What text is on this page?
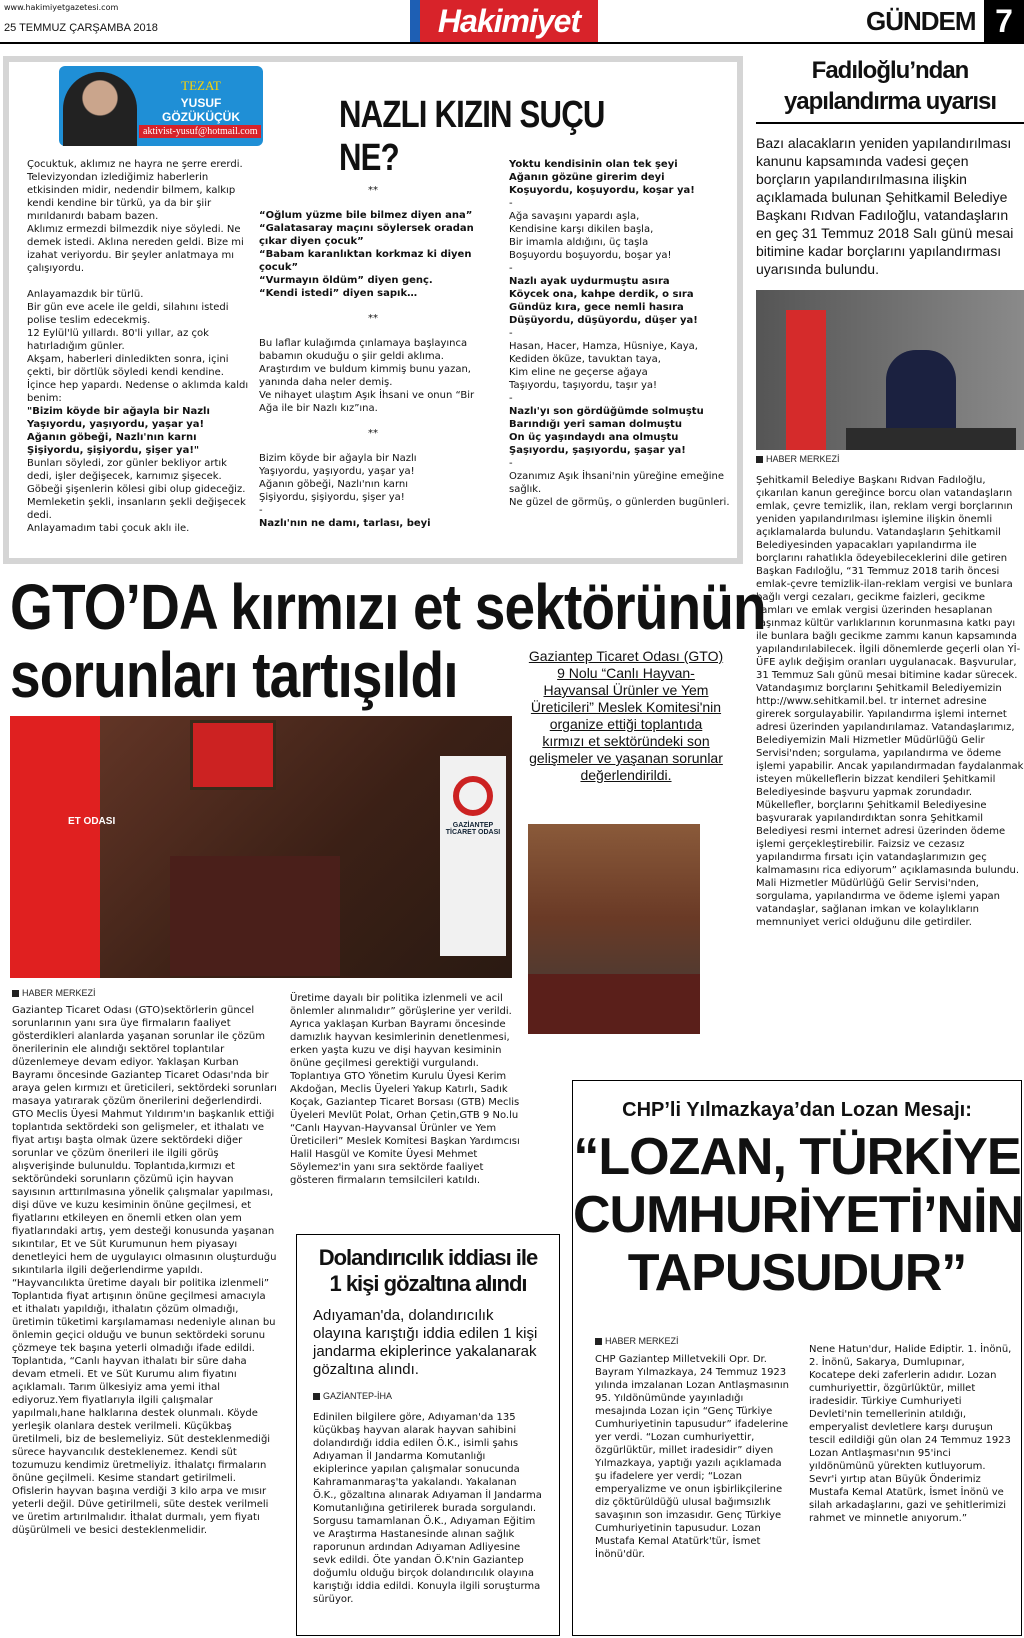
www.hakimiyetgazetesi.com
25 TEMMUZ ÇARŞAMBA 2018	Hakimiyet	GÜNDEM 7
TEZAT
YUSUF GÖZÜKÜÇÜK
aktivist-yusuf@hotmail.com NAZLI KIZIN SUÇU NE?

Çocuktuk, aklımız ne hayra ne şerre ererdi.

Televizyondan izlediğimiz haberlerin etkisinden midir, nedendir bilmem, kalkıp kendi kendine bir türkü, ya da bir şiir mırıldanırdı babam bazen.

Aklımız ermezdi bilmezdik niye söyledi. Ne demek istedi. Aklına nereden geldi. Bize mi izahat veriyordu. Bir şeyler anlatmaya mı çalışıyordu.

Anlayamazdık bir türlü.

Bir gün eve acele ile geldi, silahını istedi polise teslim edecekmiş.

12 Eylül'lü yıllardı. 80'li yıllar, az çok hatırladığım günler.

Akşam, haberleri dinledikten sonra, içini çekti, bir dörtlük söyledi kendi kendine. İçince hep yapardı. Nedense o aklımda kaldı benim:

"Bizim köyde bir ağayla bir Nazlı

Yaşıyordu, yaşıyordu, yaşar ya!

Ağanın göbeği, Nazlı'nın karnı

Şişiyordu, şişiyordu, şişer ya!"

Bunları söyledi, zor günler bekliyor artık dedi, işler değişecek, karnımız şişecek. Göbeği şişenlerin kölesi gibi olup gideceğiz. Memleketin şekli, insanların şekli değişecek dedi.

Anlayamadım tabi çocuk aklı ile.

**

“Oğlum yüzme bile bilmez diyen ana”

“Galatasaray maçını söylersek oradan çıkar diyen çocuk”

“Babam karanlıktan korkmaz ki diyen çocuk”

“Vurmayın öldüm” diyen genç.

“Kendi istedi” diyen sapık…

**

Bu laflar kulağımda çınlamaya başlayınca babamın okuduğu o şiir geldi aklıma.

Araştırdım ve buldum kimmiş bunu yazan, yanında daha neler demiş.

Ve nihayet ulaştım Aşık İhsani ve onun “Bir Ağa ile bir Nazlı kız”ına.

**

Bizim köyde bir ağayla bir Nazlı

Yaşıyordu, yaşıyordu, yaşar ya!

Ağanın göbeği, Nazlı'nın karnı

Şişiyordu, şişiyordu, şişer ya!

-

Nazlı'nın ne damı, tarlası, beyi

Yoktu kendisinin olan tek şeyi

Ağanın gözüne girerim deyi

Koşuyordu, koşuyordu, koşar ya!

-

Ağa savaşını yapardı aşla,

Kendisine karşı dikilen başla,

Bir imamla aldığını, üç taşla

Boşuyordu boşuyordu, boşar ya!

-

Nazlı ayak uydurmuştu asıra

Köycek ona, kahpe derdik, o sıra

Gündüz kıra, gece nemli hasıra

Düşüyordu, düşüyordu, düşer ya!

-

Hasan, Hacer, Hamza, Hüsniye, Kaya,

Kediden öküze, tavuktan taya,

Kim eline ne geçerse ağaya

Taşıyordu, taşıyordu, taşır ya!

-

Nazlı'yı son gördüğümde solmuştu

Barındığı yeri saman dolmuştu

On üç yaşındaydı ana olmuştu

Şaşıyordu, şaşıyordu, şaşar ya!

-

Ozanımız Aşık İhsani'nin yüreğine emeğine sağlık.

Ne güzel de görmüş, o günlerden bugünleri.

Fadıloğlu’ndan
yapılandırma uyarısı
Bazı alacakların yeniden yapılandırılması kanunu kapsamında vadesi geçen borçların yapılandırılmasına ilişkin açıklamada bulunan Şehitkamil Belediye Başkanı Rıdvan Fadıloğlu, vatandaşların en geç 31 Temmuz 2018 Salı günü mesai bitimine kadar borçlarını yapılandırması uyarısında bulundu.
HABER MERKEZİ
Şehitkamil Belediye Başkanı Rıdvan Fadıloğlu, çıkarılan kanun gereğince borcu olan vatandaşların emlak, çevre temizlik, ilan, reklam vergi borçlarının yeniden yapılandırılması işlemine ilişkin önemli açıklamalarda bulundu. Vatandaşların Şehitkamil Belediyesinden yapacakları yapılandırma ile borçlarını rahatlıkla ödeyebileceklerini dile getiren Başkan Fadıloğlu, “31 Temmuz 2018 tarih öncesi emlak-çevre temizlik-ilan-reklam vergisi ve bunlara bağlı vergi cezaları, gecikme faizleri, gecikme zamları ve emlak vergisi üzerinden hesaplanan taşınmaz kültür varlıklarının korunmasına katkı payı ile bunlara bağlı gecikme zammı kanun kapsamında yapılandırılabilecek. İlgili dönemlerde geçerli olan Yİ-ÜFE aylık değişim oranları uygulanacak. Başvurular, 31 Temmuz Salı günü mesai bitimine kadar sürecek. Vatandaşımız borçlarını Şehitkamil Belediyemizin http://www.sehitkamil.bel. tr internet adresine girerek sorgulayabilir. Yapılandırma işlemi internet adresi üzerinden yapılandırılamaz. Vatandaşlarımız, Belediyemizin Mali Hizmetler Müdürlüğü Gelir Servisi'nden; sorgulama, yapılandırma ve ödeme işlemi yapabilir. Ancak yapılandırmadan faydalanmak isteyen mükelleflerin bizzat kendileri Şehitkamil Belediyesinde başvuru yapmak zorundadır. Mükellefler, borçlarını Şehitkamil Belediyesine başvurarak yapılandırdıktan sonra Şehitkamil Belediyesi resmi internet adresi üzerinden ödeme işlemi gerçekleştirebilir. Faizsiz ve cezasız yapılandırma fırsatı için vatandaşlarımızın geç kalmamasını rica ediyorum” açıklamasında bulundu. Mali Hizmetler Müdürlüğü Gelir Servisi'nden, sorgulama, yapılandırma ve ödeme işlemi yapan vatandaşlar, sağlanan imkan ve kolaylıkların memnuniyet verici olduğunu dile getirdiler.
GTO’DA kırmızı et sektörünün
sorunları tartışıldı	Gaziantep Ticaret Odası (GTO) 9 Nolu “Canlı Hayvan-Hayvansal Ürünler ve Yem Üreticileri” Meslek Komitesi'nin organize ettiği toplantıda kırmızı et sektöründeki son gelişmeler ve yaşanan sorunlar değerlendirildi.
ET ODASI	GAZİANTEP TİCARET ODASI
HABER MERKEZİ
Gaziantep Ticaret Odası (GTO)sektörlerin güncel sorunlarının yanı sıra üye firmaların faaliyet gösterdikleri alanlarda yaşanan sorunlar ile çözüm önerilerinin ele alındığı sektörel toplantılar düzenlemeye devam ediyor. Yaklaşan Kurban Bayramı öncesinde Gaziantep Ticaret Odası'nda bir araya gelen kırmızı et üreticileri, sektördeki sorunları masaya yatırarak çözüm önerilerini değerlendirdi. GTO Meclis Üyesi Mahmut Yıldırım'ın başkanlık ettiği toplantıda sektördeki son gelişmeler, et ithalatı ve fiyat artışı başta olmak üzere sektördeki diğer sorunlar ve çözüm önerileri ile ilgili görüş alışverişinde bulunuldu. Toplantıda,kırmızı et sektöründeki sorunların çözümü için hayvan sayısının arttırılmasına yönelik çalışmalar yapılması, dişi düve ve kuzu kesiminin önüne geçilmesi, et fiyatlarını etkileyen en önemli etken olan yem fiyatlarındaki artış, yem desteği konusunda yaşanan sıkıntılar, Et ve Süt Kurumunun hem piyasayı denetleyici hem de uygulayıcı olmasının oluşturduğu sıkıntılarla ilgili değerlendirme yapıldı. “Hayvancılıkta üretime dayalı bir politika izlenmeli” Toplantıda fiyat artışının önüne geçilmesi amacıyla et ithalatı yapıldığı, ithalatın çözüm olmadığı, üretimin tüketimi karşılamaması nedeniyle alınan bu önlemin geçici olduğu ve bunun sektördeki sorunu çözmeye tek başına yeterli olmadığı ifade edildi. Toplantıda, “Canlı hayvan ithalatı bir süre daha devam etmeli. Et ve Süt Kurumu alım fiyatını açıklamalı. Tarım ülkesiyiz ama yemi ithal ediyoruz.Yem fiyatlarıyla ilgili çalışmalar yapılmalı,hane halklarına destek olunmalı. Köyde yerleşik olanlara destek verilmeli. Küçükbaş üretilmeli, biz de beslemeliyiz. Süt desteklenmediği sürece hayvancılık desteklenemez. Kendi süt tozumuzu kendimiz üretmeliyiz. İthalatçı firmaların önüne geçilmeli. Kesime standart getirilmeli. Ofislerin hayvan başına verdiği 3 kilo arpa ve mısır yeterli değil. Düve getirilmeli, süte destek verilmeli ve üretim artırılmalıdır. İthalat durmalı, yem fiyatı düşürülmeli ve besici desteklenmelidir.
Üretime dayalı bir politika izlenmeli ve acil önlemler alınmalıdır” görüşlerine yer verildi. Ayrıca yaklaşan Kurban Bayramı öncesinde damızlık hayvan kesimlerinin denetlenmesi, erken yaşta kuzu ve dişi hayvan kesiminin önüne geçilmesi gerektiği vurgulandı. Toplantıya GTO Yönetim Kurulu Üyesi Kerim Akdoğan, Meclis Üyeleri Yakup Katırlı, Sadık Koçak, Gaziantep Ticaret Borsası (GTB) Meclis Üyeleri Mevlüt Polat, Orhan Çetin,GTB 9 No.lu “Canlı Hayvan-Hayvansal Ürünler ve Yem Üreticileri” Meslek Komitesi Başkan Yardımcısı Halil Hasgül ve Komite Üyesi Mehmet Söylemez'in yanı sıra sektörde faaliyet gösteren firmaların temsilcileri katıldı.
Dolandırıcılık iddiası ile
1 kişi gözaltına alındı
Adıyaman'da, dolandırıcılık olayına karıştığı iddia edilen 1 kişi jandarma ekiplerince yakalanarak gözaltına alındı.
GAZİANTEP-İHA
Edinilen bilgilere göre, Adıyaman'da 135 küçükbaş hayvan alarak hayvan sahibini dolandırdığı iddia edilen Ö.K., isimli şahıs Adıyaman İl Jandarma Komutanlığı ekiplerince yapılan çalışmalar sonucunda Kahramanmaraş'ta yakalandı. Yakalanan Ö.K., gözaltına alınarak Adıyaman İl Jandarma Komutanlığına getirilerek burada sorgulandı. Sorgusu tamamlanan Ö.K., Adıyaman Eğitim ve Araştırma Hastanesinde alınan sağlık raporunun ardından Adıyaman Adliyesine sevk edildi. Öte yandan Ö.K'nin Gaziantep doğumlu olduğu birçok dolandırıcılık olayına karıştığı iddia edildi. Konuyla ilgili soruşturma sürüyor.
CHP’li Yılmazkaya’dan Lozan Mesajı:
“LOZAN, TÜRKİYE
CUMHURİYETİ’NİN
TAPUSUDUR”
HABER MERKEZİ
CHP Gaziantep Milletvekili Opr. Dr. Bayram Yılmazkaya, 24 Temmuz 1923 yılında imzalanan Lozan Antlaşmasının 95. Yıldönümünde yayınladığı mesajında Lozan için “Genç Türkiye Cumhuriyetinin tapusudur” ifadelerine yer verdi. “Lozan cumhuriyettir, özgürlüktür, millet iradesidir” diyen Yılmazkaya, yaptığı yazılı açıklamada şu ifadelere yer verdi; “Lozan emperyalizme ve onun işbirlikçilerine diz çöktürüldüğü ulusal bağımsızlık savaşının son imzasıdır. Genç Türkiye Cumhuriyetinin tapusudur. Lozan Mustafa Kemal Atatürk'tür, İsmet İnönü'dür.
Nene Hatun'dur, Halide Ediptir. 1. İnönü, 2. İnönü, Sakarya, Dumlupınar, Kocatepe deki zaferlerin adıdır. Lozan cumhuriyettir, özgürlüktür, millet iradesidir. Türkiye Cumhuriyeti Devleti'nin temellerinin atıldığı, emperyalist devletlere karşı duruşun tescil edildiği gün olan 24 Temmuz 1923 Lozan Antlaşması'nın 95'inci yıldönümünü yürekten kutluyorum. Sevr'i yırtıp atan Büyük Önderimiz Mustafa Kemal Atatürk, İsmet İnönü ve silah arkadaşlarını, gazi ve şehitlerimizi rahmet ve minnetle anıyorum.”
